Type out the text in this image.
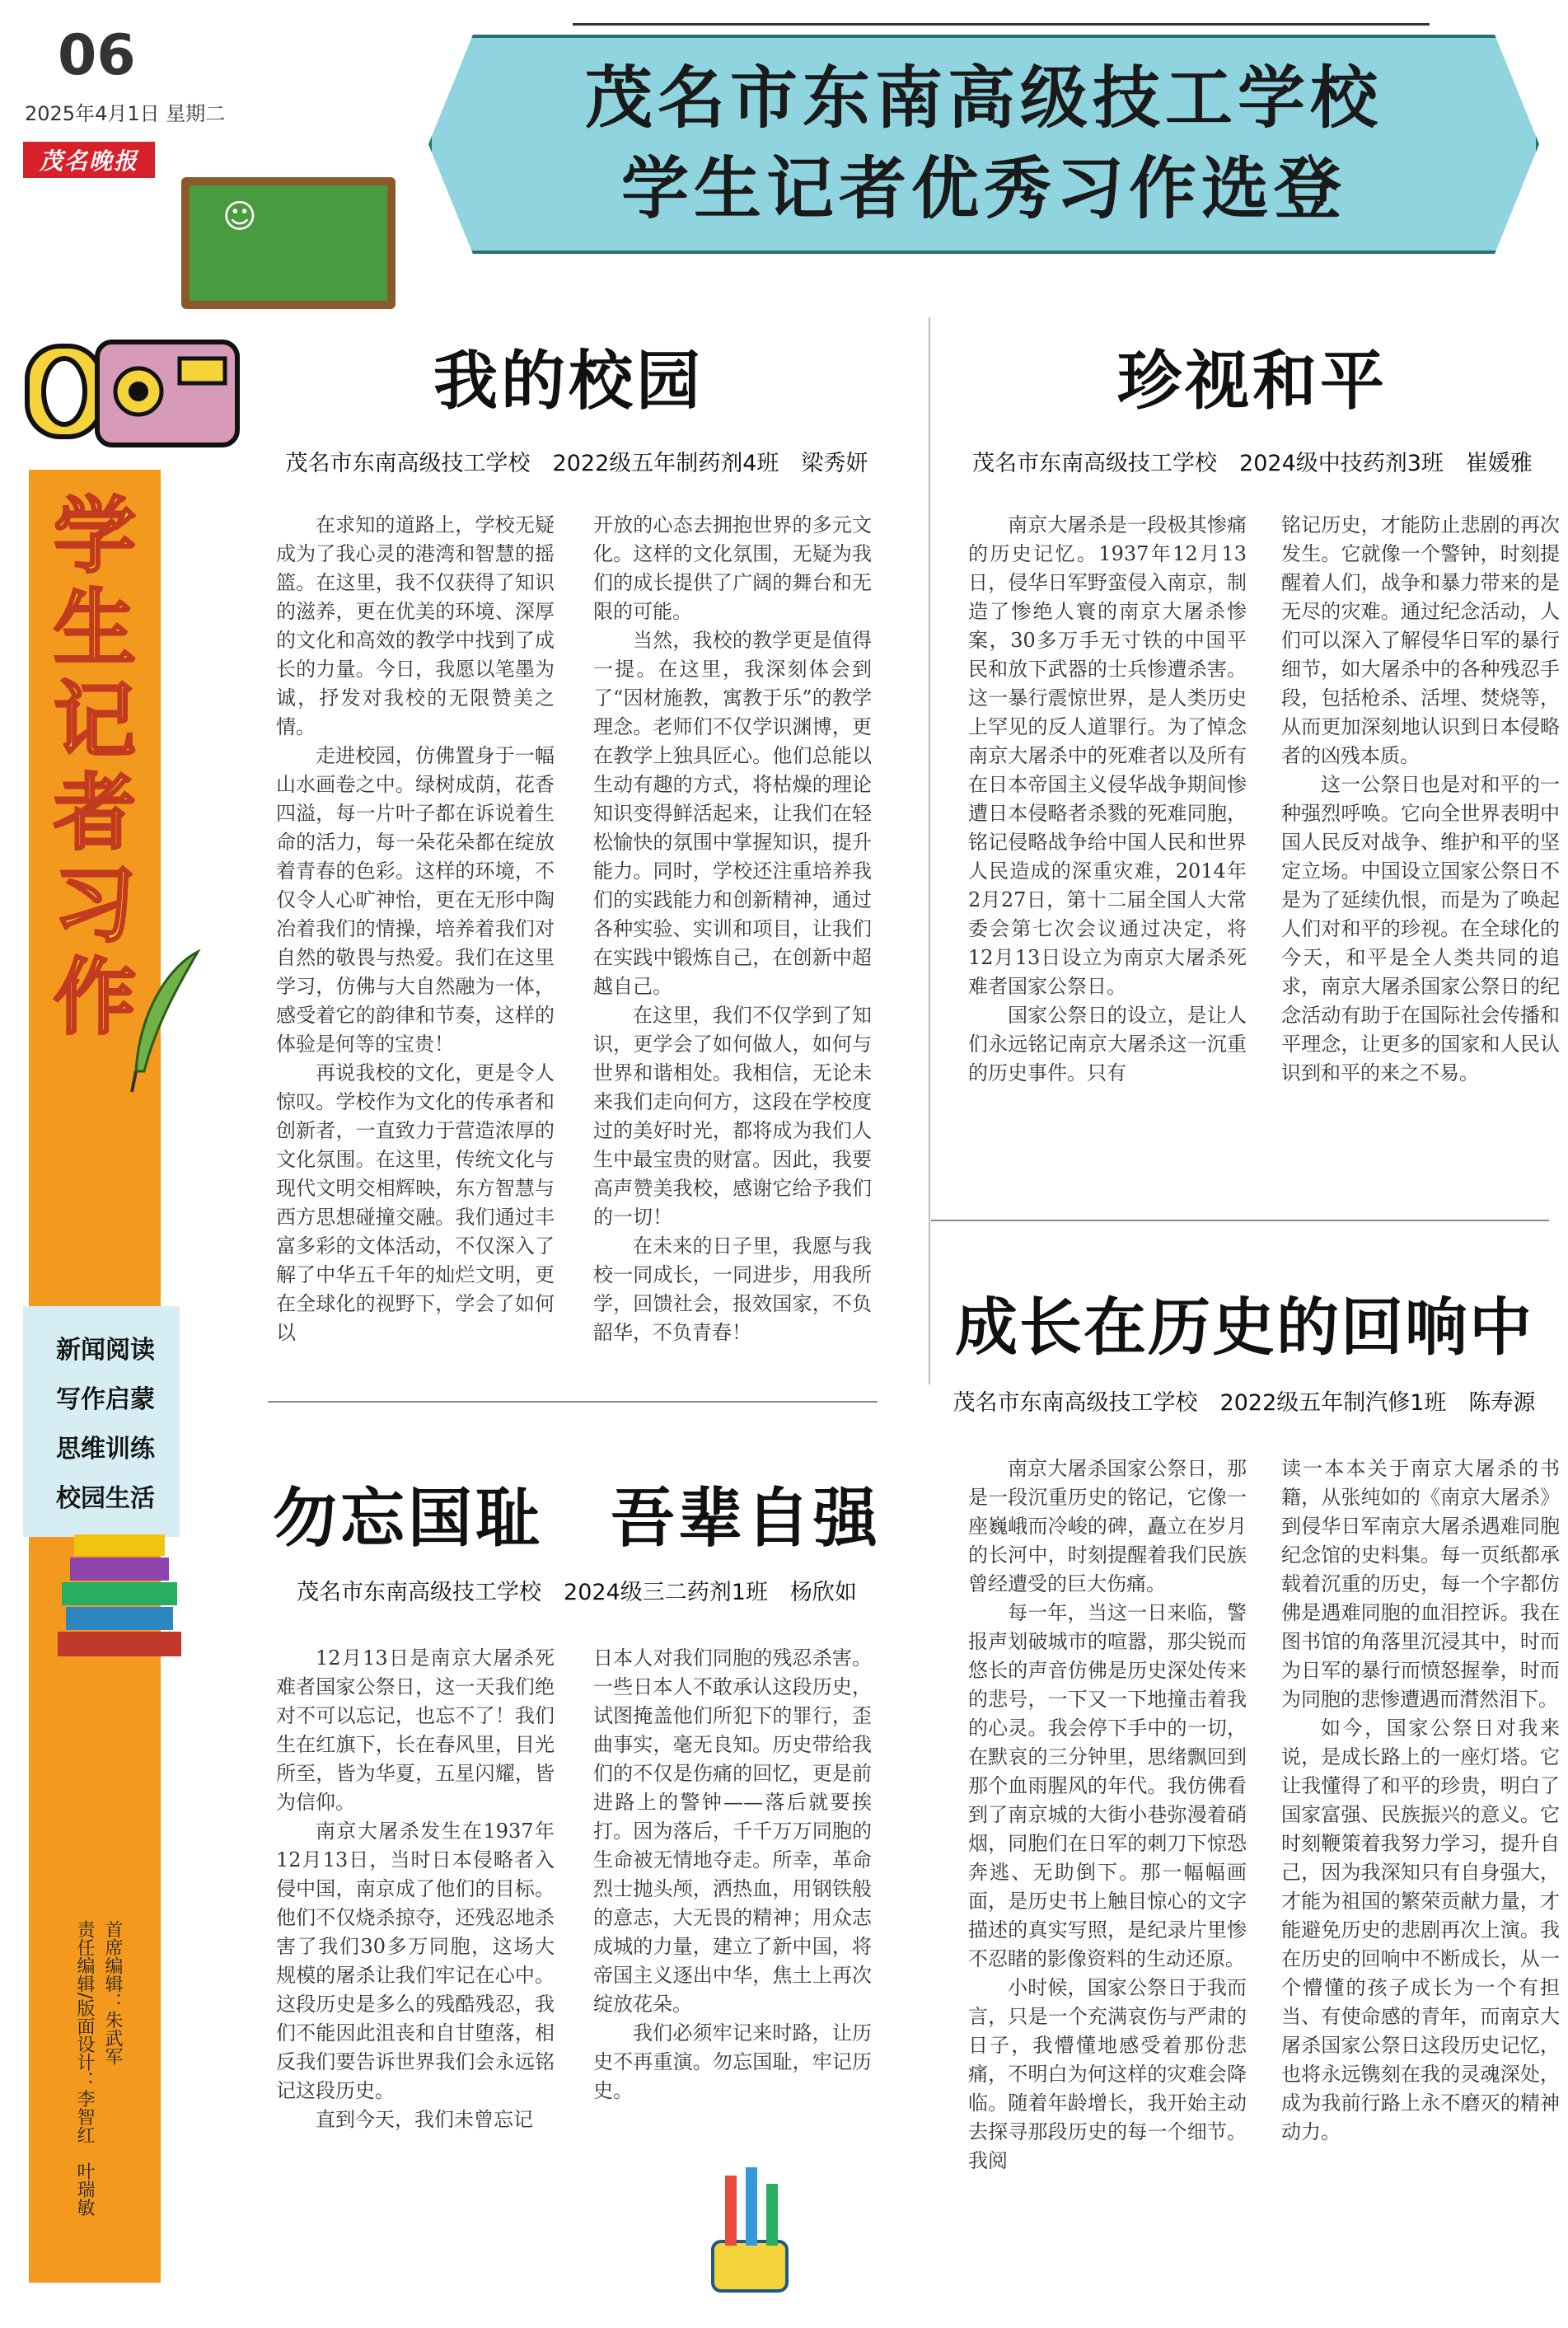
06
2025年4月1日 星期二
茂名晚报
茂名市东南高级技工学校
学生记者优秀习作选登
☺
学生记者习作
新闻阅读
写作启蒙
思维训练
校园生活
首席编辑：朱武军
责任编辑/版面设计：李智红　叶瑞敏
我的校园
茂名市东南高级技工学校　2022级五年制药剂4班　梁秀妍

在求知的道路上，学校无疑成为了我心灵的港湾和智慧的摇篮。在这里，我不仅获得了知识的滋养，更在优美的环境、深厚的文化和高效的教学中找到了成长的力量。今日，我愿以笔墨为诚，抒发对我校的无限赞美之情。

走进校园，仿佛置身于一幅山水画卷之中。绿树成荫，花香四溢，每一片叶子都在诉说着生命的活力，每一朵花朵都在绽放着青春的色彩。这样的环境，不仅令人心旷神怡，更在无形中陶冶着我们的情操，培养着我们对自然的敬畏与热爱。我们在这里学习，仿佛与大自然融为一体，感受着它的韵律和节奏，这样的体验是何等的宝贵！

再说我校的文化，更是令人惊叹。学校作为文化的传承者和创新者，一直致力于营造浓厚的文化氛围。在这里，传统文化与现代文明交相辉映，东方智慧与西方思想碰撞交融。我们通过丰富多彩的文体活动，不仅深入了解了中华五千年的灿烂文明，更在全球化的视野下，学会了如何以

开放的心态去拥抱世界的多元文化。这样的文化氛围，无疑为我们的成长提供了广阔的舞台和无限的可能。

当然，我校的教学更是值得一提。在这里，我深刻体会到了“因材施教，寓教于乐”的教学理念。老师们不仅学识渊博，更在教学上独具匠心。他们总能以生动有趣的方式，将枯燥的理论知识变得鲜活起来，让我们在轻松愉快的氛围中掌握知识，提升能力。同时，学校还注重培养我们的实践能力和创新精神，通过各种实验、实训和项目，让我们在实践中锻炼自己，在创新中超越自己。

在这里，我们不仅学到了知识，更学会了如何做人，如何与世界和谐相处。我相信，无论未来我们走向何方，这段在学校度过的美好时光，都将成为我们人生中最宝贵的财富。因此，我要高声赞美我校，感谢它给予我们的一切！

在未来的日子里，我愿与我校一同成长，一同进步，用我所学，回馈社会，报效国家，不负韶华，不负青春！

勿忘国耻　吾辈自强
茂名市东南高级技工学校　2024级三二药剂1班　杨欣如

12月13日是南京大屠杀死难者国家公祭日，这一天我们绝对不可以忘记，也忘不了！我们生在红旗下，长在春风里，目光所至，皆为华夏，五星闪耀，皆为信仰。

南京大屠杀发生在1937年12月13日，当时日本侵略者入侵中国，南京成了他们的目标。他们不仅烧杀掠夺，还残忍地杀害了我们30多万同胞，这场大规模的屠杀让我们牢记在心中。这段历史是多么的残酷残忍，我们不能因此沮丧和自甘堕落，相反我们要告诉世界我们会永远铭记这段历史。

直到今天，我们未曾忘记

日本人对我们同胞的残忍杀害。一些日本人不敢承认这段历史，试图掩盖他们所犯下的罪行，歪曲事实，毫无良知。历史带给我们的不仅是伤痛的回忆，更是前进路上的警钟——落后就要挨打。因为落后，千千万万同胞的生命被无情地夺走。所幸，革命烈士抛头颅，洒热血，用钢铁般的意志，大无畏的精神；用众志成城的力量，建立了新中国，将帝国主义逐出中华，焦土上再次绽放花朵。

我们必须牢记来时路，让历史不再重演。勿忘国耻，牢记历史。

珍视和平
茂名市东南高级技工学校　2024级中技药剂3班　崔媛雅

南京大屠杀是一段极其惨痛的历史记忆。1937年12月13日，侵华日军野蛮侵入南京，制造了惨绝人寰的南京大屠杀惨案，30多万手无寸铁的中国平民和放下武器的士兵惨遭杀害。这一暴行震惊世界，是人类历史上罕见的反人道罪行。为了悼念南京大屠杀中的死难者以及所有在日本帝国主义侵华战争期间惨遭日本侵略者杀戮的死难同胞，铭记侵略战争给中国人民和世界人民造成的深重灾难，2014年2月27日，第十二届全国人大常委会第七次会议通过决定，将12月13日设立为南京大屠杀死难者国家公祭日。

国家公祭日的设立，是让人们永远铭记南京大屠杀这一沉重的历史事件。只有

铭记历史，才能防止悲剧的再次发生。它就像一个警钟，时刻提醒着人们，战争和暴力带来的是无尽的灾难。通过纪念活动，人们可以深入了解侵华日军的暴行细节，如大屠杀中的各种残忍手段，包括枪杀、活埋、焚烧等，从而更加深刻地认识到日本侵略者的凶残本质。

这一公祭日也是对和平的一种强烈呼唤。它向全世界表明中国人民反对战争、维护和平的坚定立场。中国设立国家公祭日不是为了延续仇恨，而是为了唤起人们对和平的珍视。在全球化的今天，和平是全人类共同的追求，南京大屠杀国家公祭日的纪念活动有助于在国际社会传播和平理念，让更多的国家和人民认识到和平的来之不易。

成长在历史的回响中
茂名市东南高级技工学校　2022级五年制汽修1班　陈寿源

南京大屠杀国家公祭日，那是一段沉重历史的铭记，它像一座巍峨而冷峻的碑，矗立在岁月的长河中，时刻提醒着我们民族曾经遭受的巨大伤痛。

每一年，当这一日来临，警报声划破城市的喧嚣，那尖锐而悠长的声音仿佛是历史深处传来的悲号，一下又一下地撞击着我的心灵。我会停下手中的一切，在默哀的三分钟里，思绪飘回到那个血雨腥风的年代。我仿佛看到了南京城的大街小巷弥漫着硝烟，同胞们在日军的刺刀下惊恐奔逃、无助倒下。那一幅幅画面，是历史书上触目惊心的文字描述的真实写照，是纪录片里惨不忍睹的影像资料的生动还原。

小时候，国家公祭日于我而言，只是一个充满哀伤与严肃的日子，我懵懂地感受着那份悲痛，不明白为何这样的灾难会降临。随着年龄增长，我开始主动去探寻那段历史的每一个细节。我阅

读一本本关于南京大屠杀的书籍，从张纯如的《南京大屠杀》到侵华日军南京大屠杀遇难同胞纪念馆的史料集。每一页纸都承载着沉重的历史，每一个字都仿佛是遇难同胞的血泪控诉。我在图书馆的角落里沉浸其中，时而为日军的暴行而愤怒握拳，时而为同胞的悲惨遭遇而潸然泪下。

如今，国家公祭日对我来说，是成长路上的一座灯塔。它让我懂得了和平的珍贵，明白了国家富强、民族振兴的意义。它时刻鞭策着我努力学习，提升自己，因为我深知只有自身强大，才能为祖国的繁荣贡献力量，才能避免历史的悲剧再次上演。我在历史的回响中不断成长，从一个懵懂的孩子成长为一个有担当、有使命感的青年，而南京大屠杀国家公祭日这段历史记忆，也将永远镌刻在我的灵魂深处，成为我前行路上永不磨灭的精神动力。
